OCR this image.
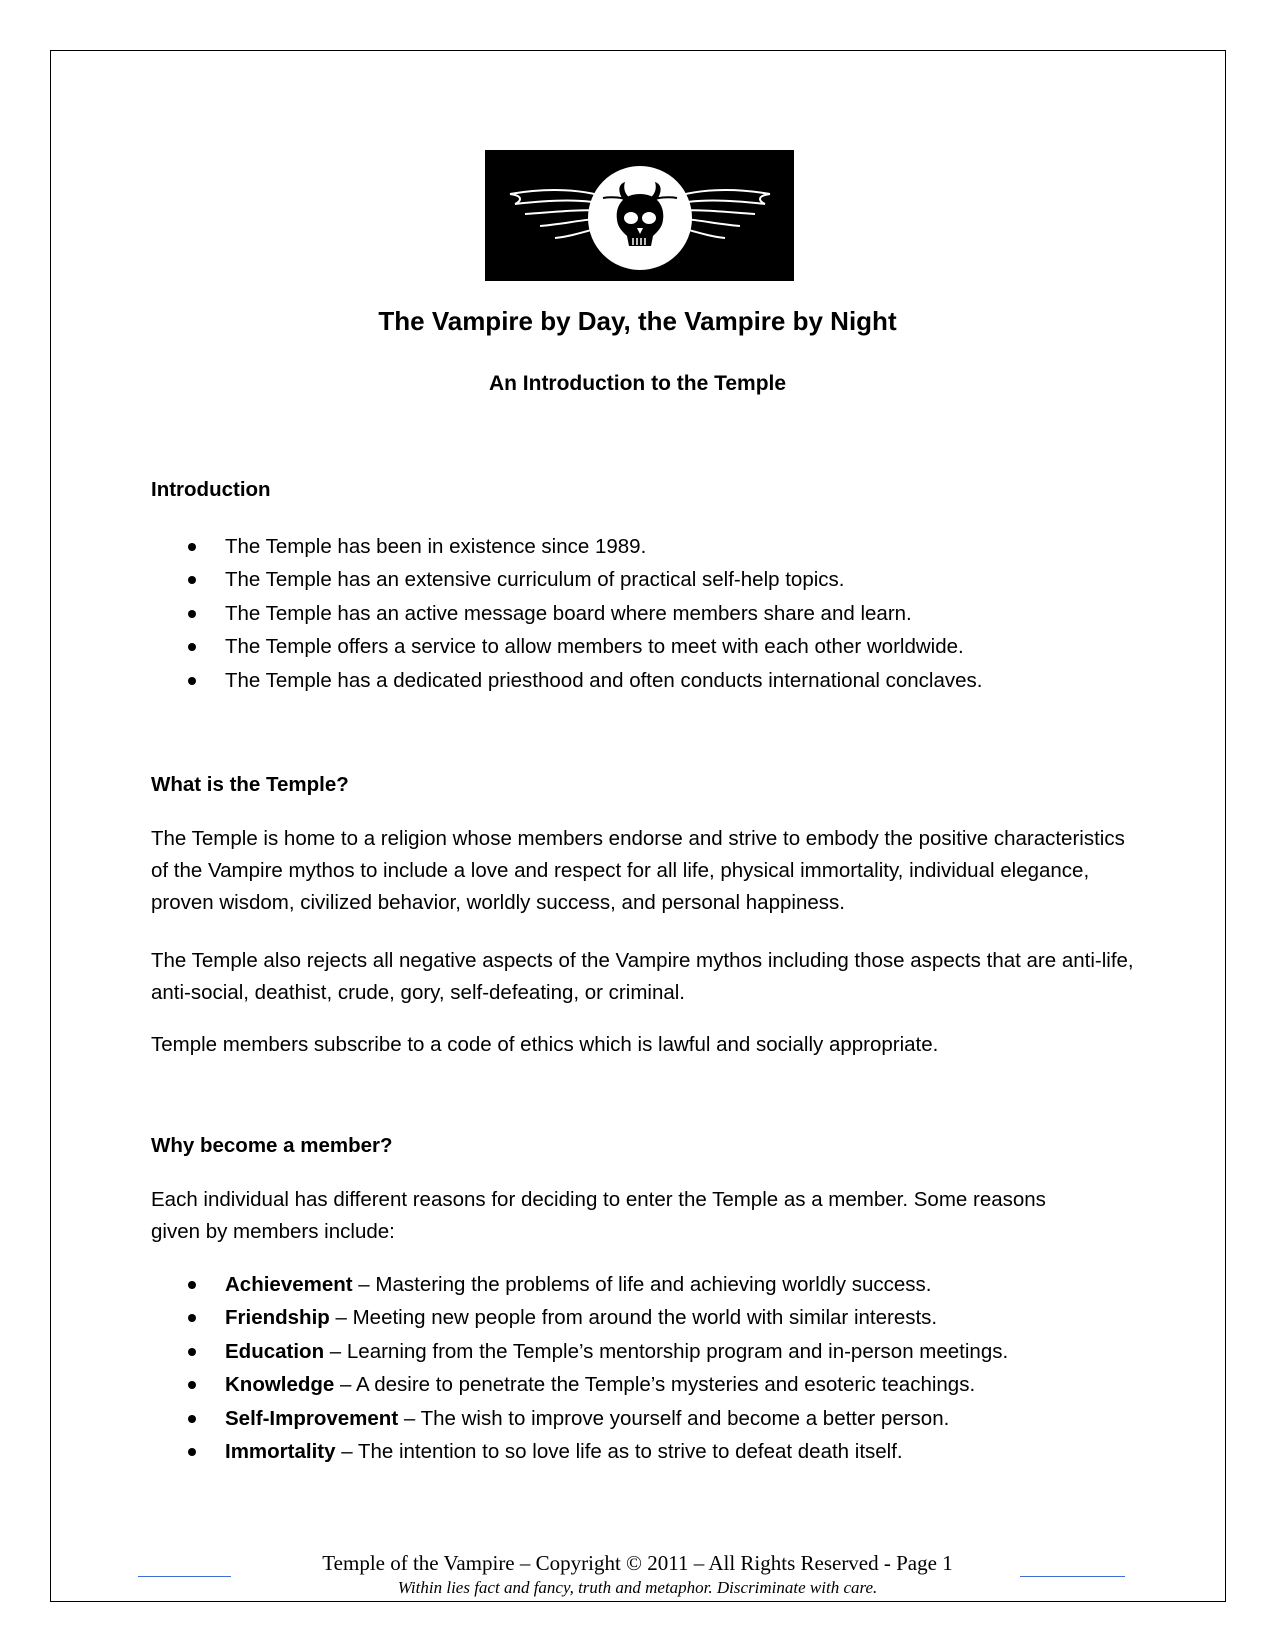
The Vampire by Day, the Vampire by Night
An Introduction to the Temple
Introduction
The Temple has been in existence since 1989.
The Temple has an extensive curriculum of practical self-help topics.
The Temple has an active message board where members share and learn.
The Temple offers a service to allow members to meet with each other worldwide.
The Temple has a dedicated priesthood and often conducts international conclaves.
What is the Temple?

The Temple is home to a religion whose members endorse and strive to embody the positive characteristics of the Vampire mythos to include a love and respect for all life, physical immortality, individual elegance, proven wisdom, civilized behavior, worldly success, and personal happiness.

The Temple also rejects all negative aspects of the Vampire mythos including those aspects that are anti-life, anti-social, deathist, crude, gory, self-defeating, or criminal.

Temple members subscribe to a code of ethics which is lawful and socially appropriate.

Why become a member?

Each individual has different reasons for deciding to enter the Temple as a member. Some reasons given by members include:

Achievement – Mastering the problems of life and achieving worldly success.
Friendship – Meeting new people from around the world with similar interests.
Education – Learning from the Temple’s mentorship program and in-person meetings.
Knowledge – A desire to penetrate the Temple’s mysteries and esoteric teachings.
Self-Improvement – The wish to improve yourself and become a better person.
Immortality – The intention to so love life as to strive to defeat death itself.
Temple of the Vampire – Copyright © 2011 – All Rights Reserved - Page 1
Within lies fact and fancy, truth and metaphor. Discriminate with care.
